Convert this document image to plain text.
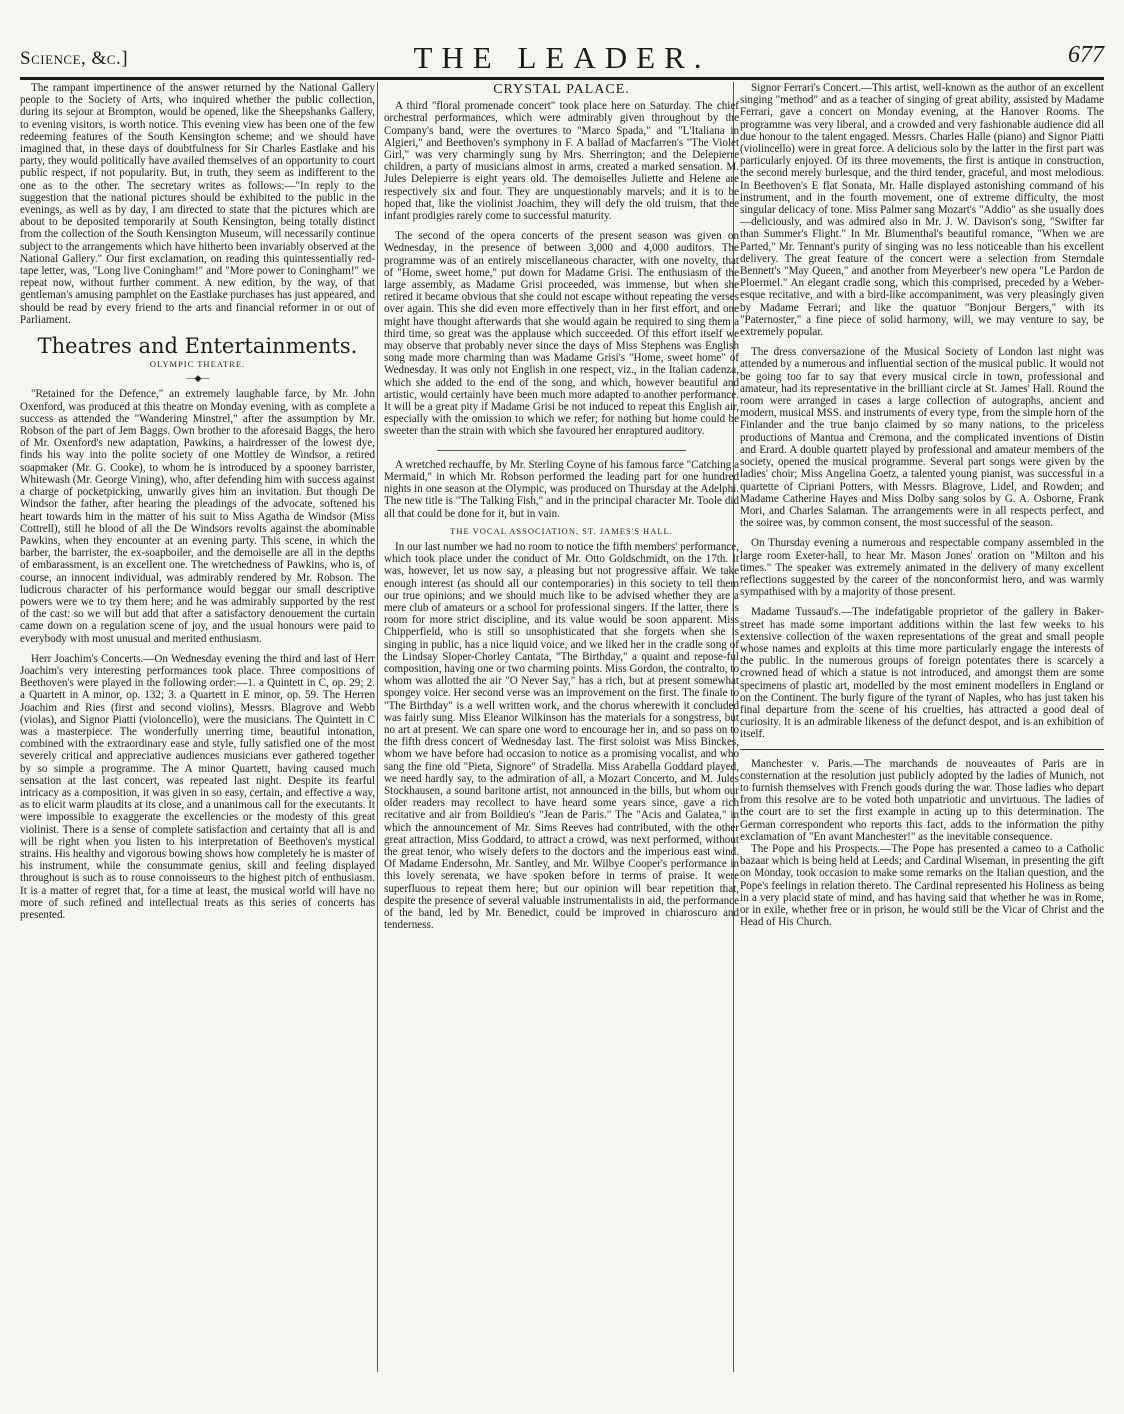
Science, &c.]	THE LEADER.	677

The rampant impertinence of the answer returned by the National Gallery people to the Society of Arts, who inquired whether the public collection, during its sejour at Brompton, would be opened, like the Sheepshanks Gallery, to evening visitors, is worth notice. This evening view has been one of the few redeeming features of the South Kensington scheme; and we should have imagined that, in these days of doubtfulness for Sir Charles Eastlake and his party, they would politically have availed themselves of an opportunity to court public respect, if not popularity. But, in truth, they seem as indifferent to the one as to the other. The secretary writes as follows:—"In reply to the suggestion that the national pictures should be exhibited to the public in the evenings, as well as by day, I am directed to state that the pictures which are about to be deposited temporarily at South Kensington, being totally distinct from the collection of the South Kensington Museum, will necessarily continue subject to the arrangements which have hitherto been invariably observed at the National Gallery." Our first exclamation, on reading this quintessentially red-tape letter, was, "Long live Coningham!" and "More power to Coningham!" we repeat now, without further comment. A new edition, by the way, of that gentleman's amusing pamphlet on the Eastlake purchases has just appeared, and should be read by every friend to the arts and financial reformer in or out of Parliament.

Theatres and Entertainments.
OLYMPIC THEATRE.
—◆—

"Retained for the Defence," an extremely laughable farce, by Mr. John Oxenford, was produced at this theatre on Monday evening, with as complete a success as attended the "Wandering Minstrel," after the assumption by Mr. Robson of the part of Jem Baggs. Own brother to the aforesaid Baggs, the hero of Mr. Oxenford's new adaptation, Pawkins, a hairdresser of the lowest dye, finds his way into the polite society of one Mottley de Windsor, a retired soapmaker (Mr. G. Cooke), to whom he is introduced by a spooney barrister, Whitewash (Mr. George Vining), who, after defending him with success against a charge of pocketpicking, unwarily gives him an invitation. But though De Windsor the father, after hearing the pleadings of the advocate, softened his heart towards him in the matter of his suit to Miss Agatha de Windsor (Miss Cottrell), still he blood of all the De Windsors revolts against the abominable Pawkins, when they encounter at an evening party. This scene, in which the barber, the barrister, the ex-soapboiler, and the demoiselle are all in the depths of embarassment, is an excellent one. The wretchedness of Pawkins, who is, of course, an innocent individual, was admirably rendered by Mr. Robson. The ludicrous character of his performance would beggar our small descriptive powers were we to try them here; and he was admirably supported by the rest of the cast: so we will but add that after a satisfactory denouement the curtain came down on a regulation scene of joy, and the usual honours were paid to everybody with most unusual and merited enthusiasm.

Herr Joachim's Concerts.—On Wednesday evening the third and last of Herr Joachim's very interesting performances took place. Three compositions of Beethoven's were played in the following order:—1. a Quintett in C, op. 29; 2. a Quartett in A minor, op. 132; 3. a Quartett in E minor, op. 59. The Herren Joachim and Ries (first and second violins), Messrs. Blagrove and Webb (violas), and Signor Piatti (violoncello), were the musicians. The Quintett in C was a masterpiece. The wonderfully unerring time, beautiful intonation, combined with the extraordinary ease and style, fully satisfied one of the most severely critical and appreciative audiences musicians ever gathered together by so simple a programme. The A minor Quartett, having caused much sensation at the last concert, was repeated last night. Despite its fearful intricacy as a composition, it was given in so easy, certain, and effective a way, as to elicit warm plaudits at its close, and a unanimous call for the executants. It were impossible to exaggerate the excellencies or the modesty of this great violinist. There is a sense of complete satisfaction and certainty that all is and will be right when you listen to his interpretation of Beethoven's mystical strains. His healthy and vigorous bowing shows how completely he is master of his instrument, while the consummate genius, skill and feeling displayed throughout is such as to rouse connoisseurs to the highest pitch of enthusiasm. It is a matter of regret that, for a time at least, the musical world will have no more of such refined and intellectual treats as this series of concerts has presented.

CRYSTAL PALACE.

A third "floral promenade concert" took place here on Saturday. The chief orchestral performances, which were admirably given throughout by the Company's band, were the overtures to "Marco Spada," and "L'Italiana in Algieri," and Beethoven's symphony in F. A ballad of Macfarren's "The Violet Girl," was very charmingly sung by Mrs. Sherrington; and the Delepierre children, a party of musicians almost in arms, created a marked sensation. M. Jules Delepierre is eight years old. The demoiselles Juliette and Helene are respectively six and four. They are unquestionably marvels; and it is to be hoped that, like the violinist Joachim, they will defy the old truism, that thee infant prodigies rarely come to successful maturity.

The second of the opera concerts of the present season was given on Wednesday, in the presence of between 3,000 and 4,000 auditors. The programme was of an entirely miscellaneous character, with one novelty, that of "Home, sweet home," put down for Madame Grisi. The enthusiasm of the large assembly, as Madame Grisi proceeded, was immense, but when she retired it became obvious that she could not escape without repeating the verses over again. This she did even more effectively than in her first effort, and one might have thought afterwards that she would again be required to sing them a third time, so great was the applause which succeeded. Of this effort itself we may observe that probably never since the days of Miss Stephens was English song made more charming than was Madame Grisi's "Home, sweet home" of Wednesday. It was only not English in one respect, viz., in the Italian cadenza, which she added to the end of the song, and which, however beautiful and artistic, would certainly have been much more adapted to another performance. It will be a great pity if Madame Grisi be not induced to repeat this English air, especially with the omission to which we refer; for nothing but home could be sweeter than the strain with which she favoured her enraptured auditory.

A wretched rechauffe, by Mr. Sterling Coyne of his famous farce "Catching a Mermaid," in which Mr. Robson performed the leading part for one hundred nights in one season at the Olympic, was produced on Thursday at the Adelphi. The new title is "The Talking Fish," and in the principal character Mr. Toole did all that could be done for it, but in vain.

THE VOCAL ASSOCIATION, ST. JAMES'S HALL.

In our last number we had no room to notice the fifth members' performance, which took place under the conduct of Mr. Otto Goldschmidt, on the 17th. It was, however, let us now say, a pleasing but not progressive affair. We take enough interest (as should all our contemporaries) in this society to tell them our true opinions; and we should much like to be advised whether they are a mere club of amateurs or a school for professional singers. If the latter, there is room for more strict discipline, and its value would be soon apparent. Miss Chipperfield, who is still so unsophisticated that she forgets when she is singing in public, has a nice liquid voice, and we liked her in the cradle song of the Lindsay Sloper-Chorley Cantata, "The Birthday," a quaint and repose-ful composition, having one or two charming points. Miss Gordon, the contralto, to whom was allotted the air "O Never Say," has a rich, but at present somewhat spongey voice. Her second verse was an improvement on the first. The finale to "The Birthday" is a well written work, and the chorus wherewith it concluded was fairly sung. Miss Eleanor Wilkinson has the materials for a songstress, but no art at present. We can spare one word to encourage her in, and so pass on to the fifth dress concert of Wednesday last. The first soloist was Miss Binckes, whom we have before had occasion to notice as a promising vocalist, and who sang the fine old "Pieta, Signore" of Stradella. Miss Arabella Goddard played, we need hardly say, to the admiration of all, a Mozart Concerto, and M. Jules Stockhausen, a sound baritone artist, not announced in the bills, but whom our older readers may recollect to have heard some years since, gave a rich recitative and air from Boildieu's "Jean de Paris." The "Acis and Galatea," in which the announcement of Mr. Sims Reeves had contributed, with the other great attraction, Miss Goddard, to attract a crowd, was next performed, without the great tenor, who wisely defers to the doctors and the imperious east wind. Of Madame Endersohn, Mr. Santley, and Mr. Wilbye Cooper's performance in this lovely serenata, we have spoken before in terms of praise. It were superfluous to repeat them here; but our opinion will bear repetition that, despite the presence of several valuable instrumentalists in aid, the performance of the band, led by Mr. Benedict, could be improved in chiaroscuro and tenderness.

Signor Ferrari's Concert.—This artist, well-known as the author of an excellent singing "method" and as a teacher of singing of great ability, assisted by Madame Ferrari, gave a concert on Monday evening, at the Hanover Rooms. The programme was very liberal, and a crowded and very fashionable audience did all due honour to the talent engaged. Messrs. Charles Halle (piano) and Signor Piatti (violincello) were in great force. A delicious solo by the latter in the first part was particularly enjoyed. Of its three movements, the first is antique in construction, the second merely burlesque, and the third tender, graceful, and most melodious. In Beethoven's E flat Sonata, Mr. Halle displayed astonishing command of his instrument, and in the fourth movement, one of extreme difficulty, the most singular delicacy of tone. Miss Palmer sang Mozart's "Addio" as she usually does—deliciously, and was admired also in Mr. J. W. Davison's song, "Swifter far than Summer's Flight." In Mr. Blumenthal's beautiful romance, "When we are Parted," Mr. Tennant's purity of singing was no less noticeable than his excellent delivery. The great feature of the concert were a selection from Sterndale Bennett's "May Queen," and another from Meyerbeer's new opera "Le Pardon de Ploermel." An elegant cradle song, which this comprised, preceded by a Weber-esque recitative, and with a bird-like accompaniment, was very pleasingly given by Madame Ferrari; and like the quatuor "Bonjour Bergers," with its "Paternoster," a fine piece of solid harmony, will, we may venture to say, be extremely popular.

The dress conversazione of the Musical Society of London last night was attended by a numerous and influential section of the musical public. It would not be going too far to say that every musical circle in town, professional and amateur, had its representative in the brilliant circle at St. James' Hall. Round the room were arranged in cases a large collection of autographs, ancient and modern, musical MSS. and instruments of every type, from the simple horn of the Finlander and the true banjo claimed by so many nations, to the priceless productions of Mantua and Cremona, and the complicated inventions of Distin and Erard. A double quartett played by professional and amateur members of the society, opened the musical programme. Several part songs were given by the ladies' choir; Miss Angelina Goetz, a talented young pianist, was successful in a quartette of Cipriani Potters, with Messrs. Blagrove, Lidel, and Rowden; and Madame Catherine Hayes and Miss Dolby sang solos by G. A. Osborne, Frank Mori, and Charles Salaman. The arrangements were in all respects perfect, and the soiree was, by common consent, the most successful of the season.

On Thursday evening a numerous and respectable company assembled in the large room Exeter-hall, to hear Mr. Mason Jones' oration on "Milton and his times." The speaker was extremely animated in the delivery of many excellent reflections suggested by the career of the nonconformist hero, and was warmly sympathised with by a majority of those present.

Madame Tussaud's.—The indefatigable proprietor of the gallery in Baker-street has made some important additions within the last few weeks to his extensive collection of the waxen representations of the great and small people whose names and exploits at this time more particularly engage the interests of the public. In the numerous groups of foreign potentates there is scarcely a crowned head of which a statue is not introduced, and amongst them are some specimens of plastic art, modelled by the most eminent modellers in England or on the Continent. The burly figure of the tyrant of Naples, who has just taken his final departure from the scene of his cruelties, has attracted a good deal of curiosity. It is an admirable likeness of the defunct despot, and is an exhibition of itself.

Manchester v. Paris.—The marchands de nouveautes of Paris are in consternation at the resolution just publicly adopted by the ladies of Munich, not to furnish themselves with French goods during the war. Those ladies who depart from this resolve are to be voted both unpatriotic and unvirtuous. The ladies of the court are to set the first example in acting up to this determination. The German correspondent who reports this fact, adds to the information the pithy exclamation of "En avant Manchester!" as the inevitable consequence.

The Pope and his Prospects.—The Pope has presented a cameo to a Catholic bazaar which is being held at Leeds; and Cardinal Wiseman, in presenting the gift on Monday, took occasion to make some remarks on the Italian question, and the Pope's feelings in relation thereto. The Cardinal represented his Holiness as being in a very placid state of mind, and has having said that whether he was in Rome, or in exile, whether free or in prison, he would still be the Vicar of Christ and the Head of His Church.
